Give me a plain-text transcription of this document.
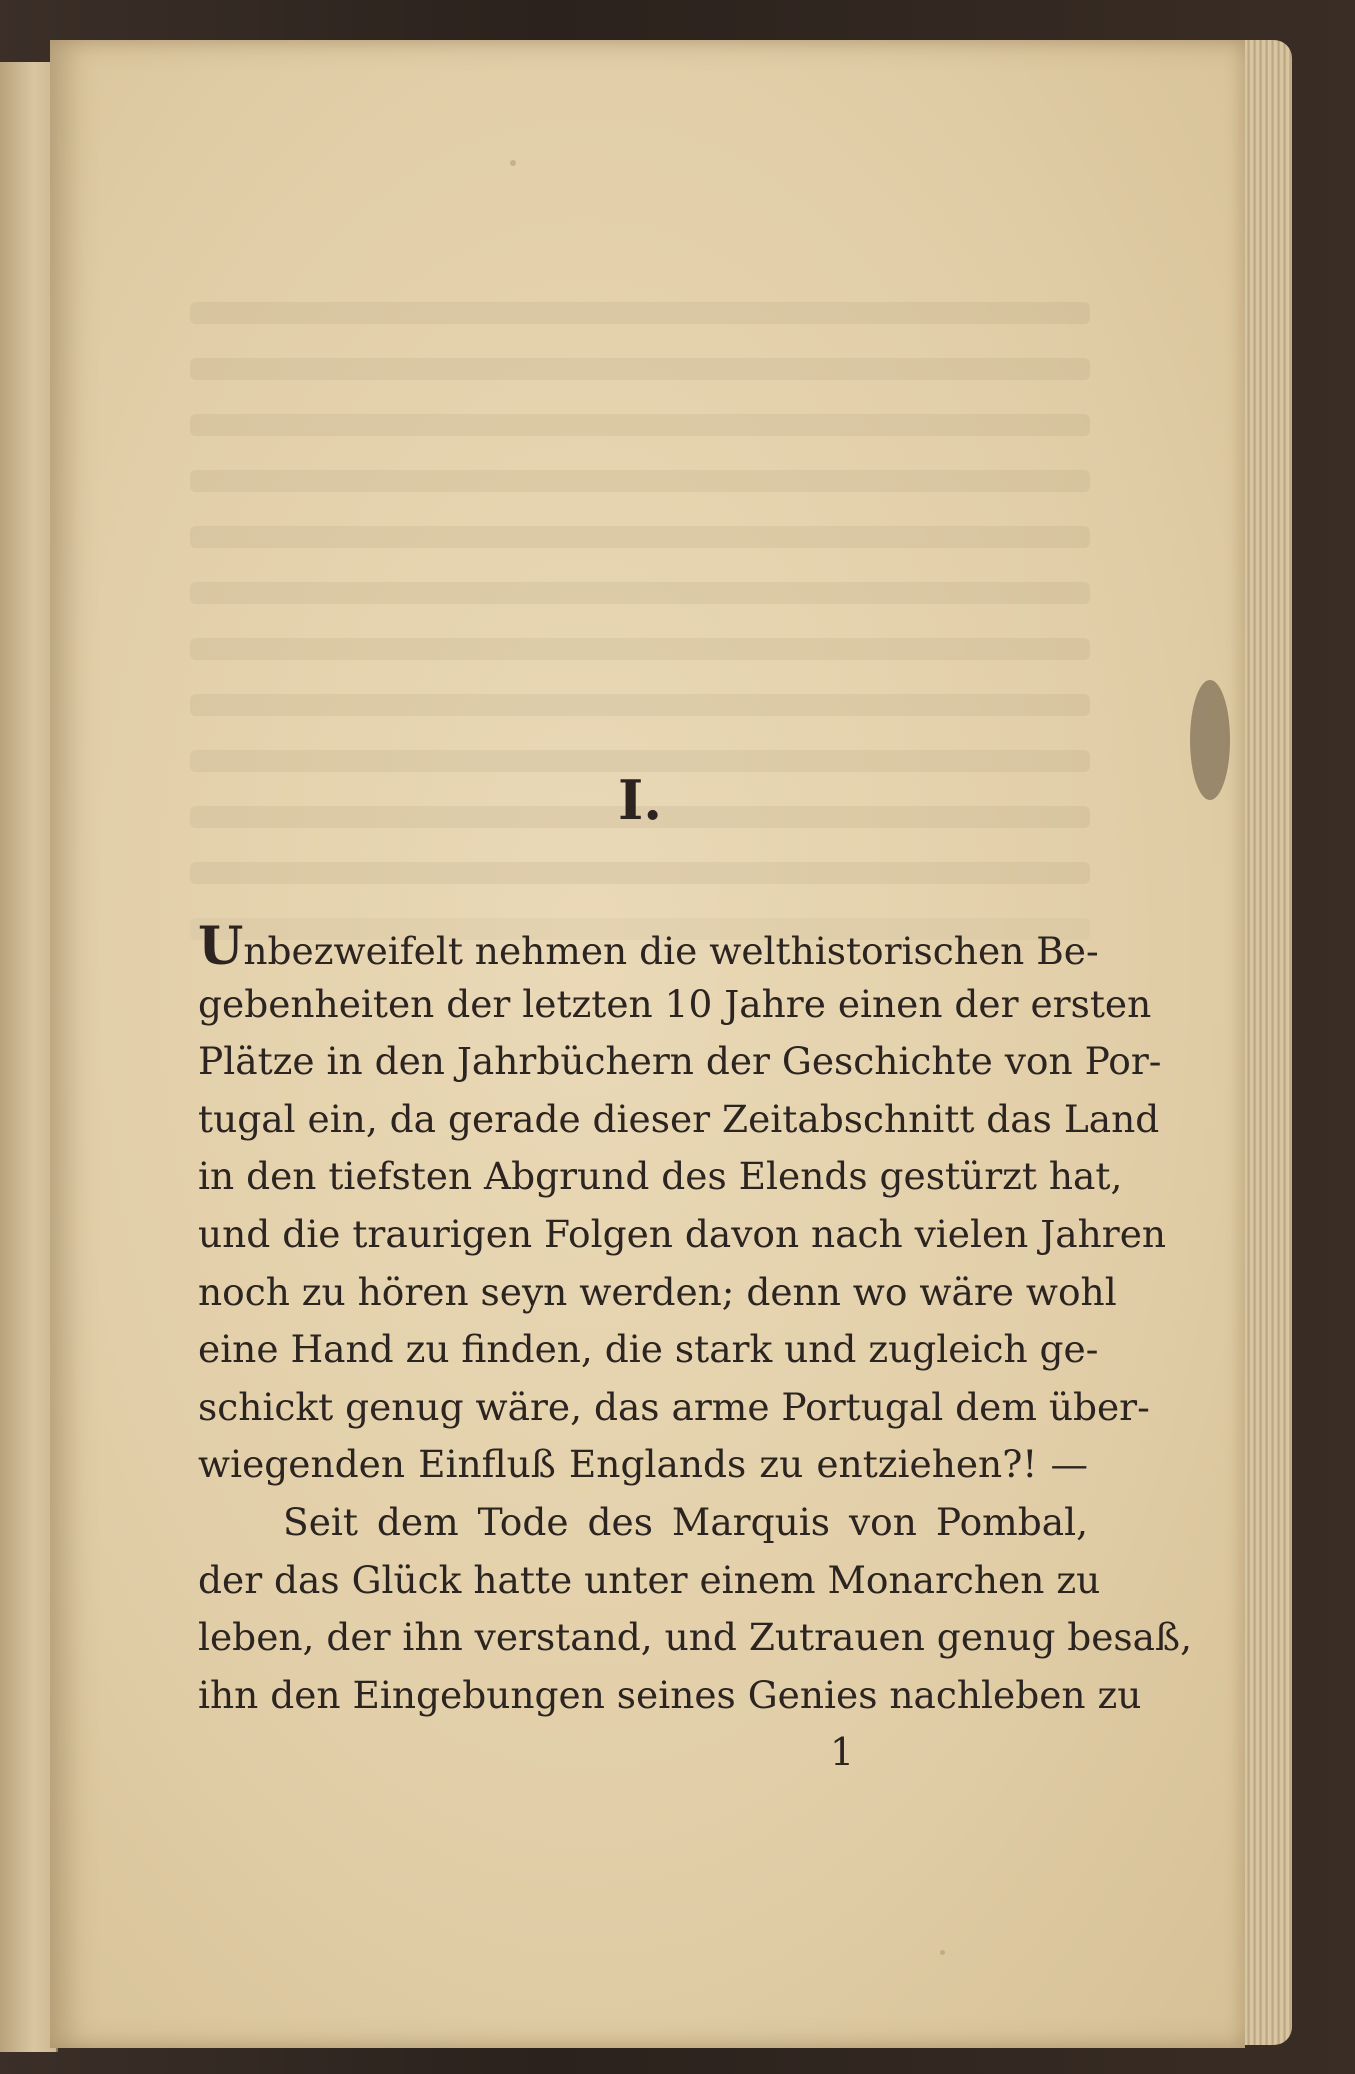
I.
Unbezweifelt nehmen die welthistorischen Be-
gebenheiten der letzten 10 Jahre einen der ersten
Plätze in den Jahrbüchern der Geschichte von Por-
tugal ein, da gerade dieser Zeitabschnitt das Land
in den tiefsten Abgrund des Elends gestürzt hat,
und die traurigen Folgen davon nach vielen Jahren
noch zu hören seyn werden; denn wo wäre wohl
eine Hand zu finden, die stark und zugleich ge-
schickt genug wäre, das arme Portugal dem über-
wiegenden Einfluß Englands zu entziehen?! —
Seit dem Tode des Marquis von Pombal,
der das Glück hatte unter einem Monarchen zu
leben, der ihn verstand, und Zutrauen genug besaß,
ihn den Eingebungen seines Genies nachleben zu
1
